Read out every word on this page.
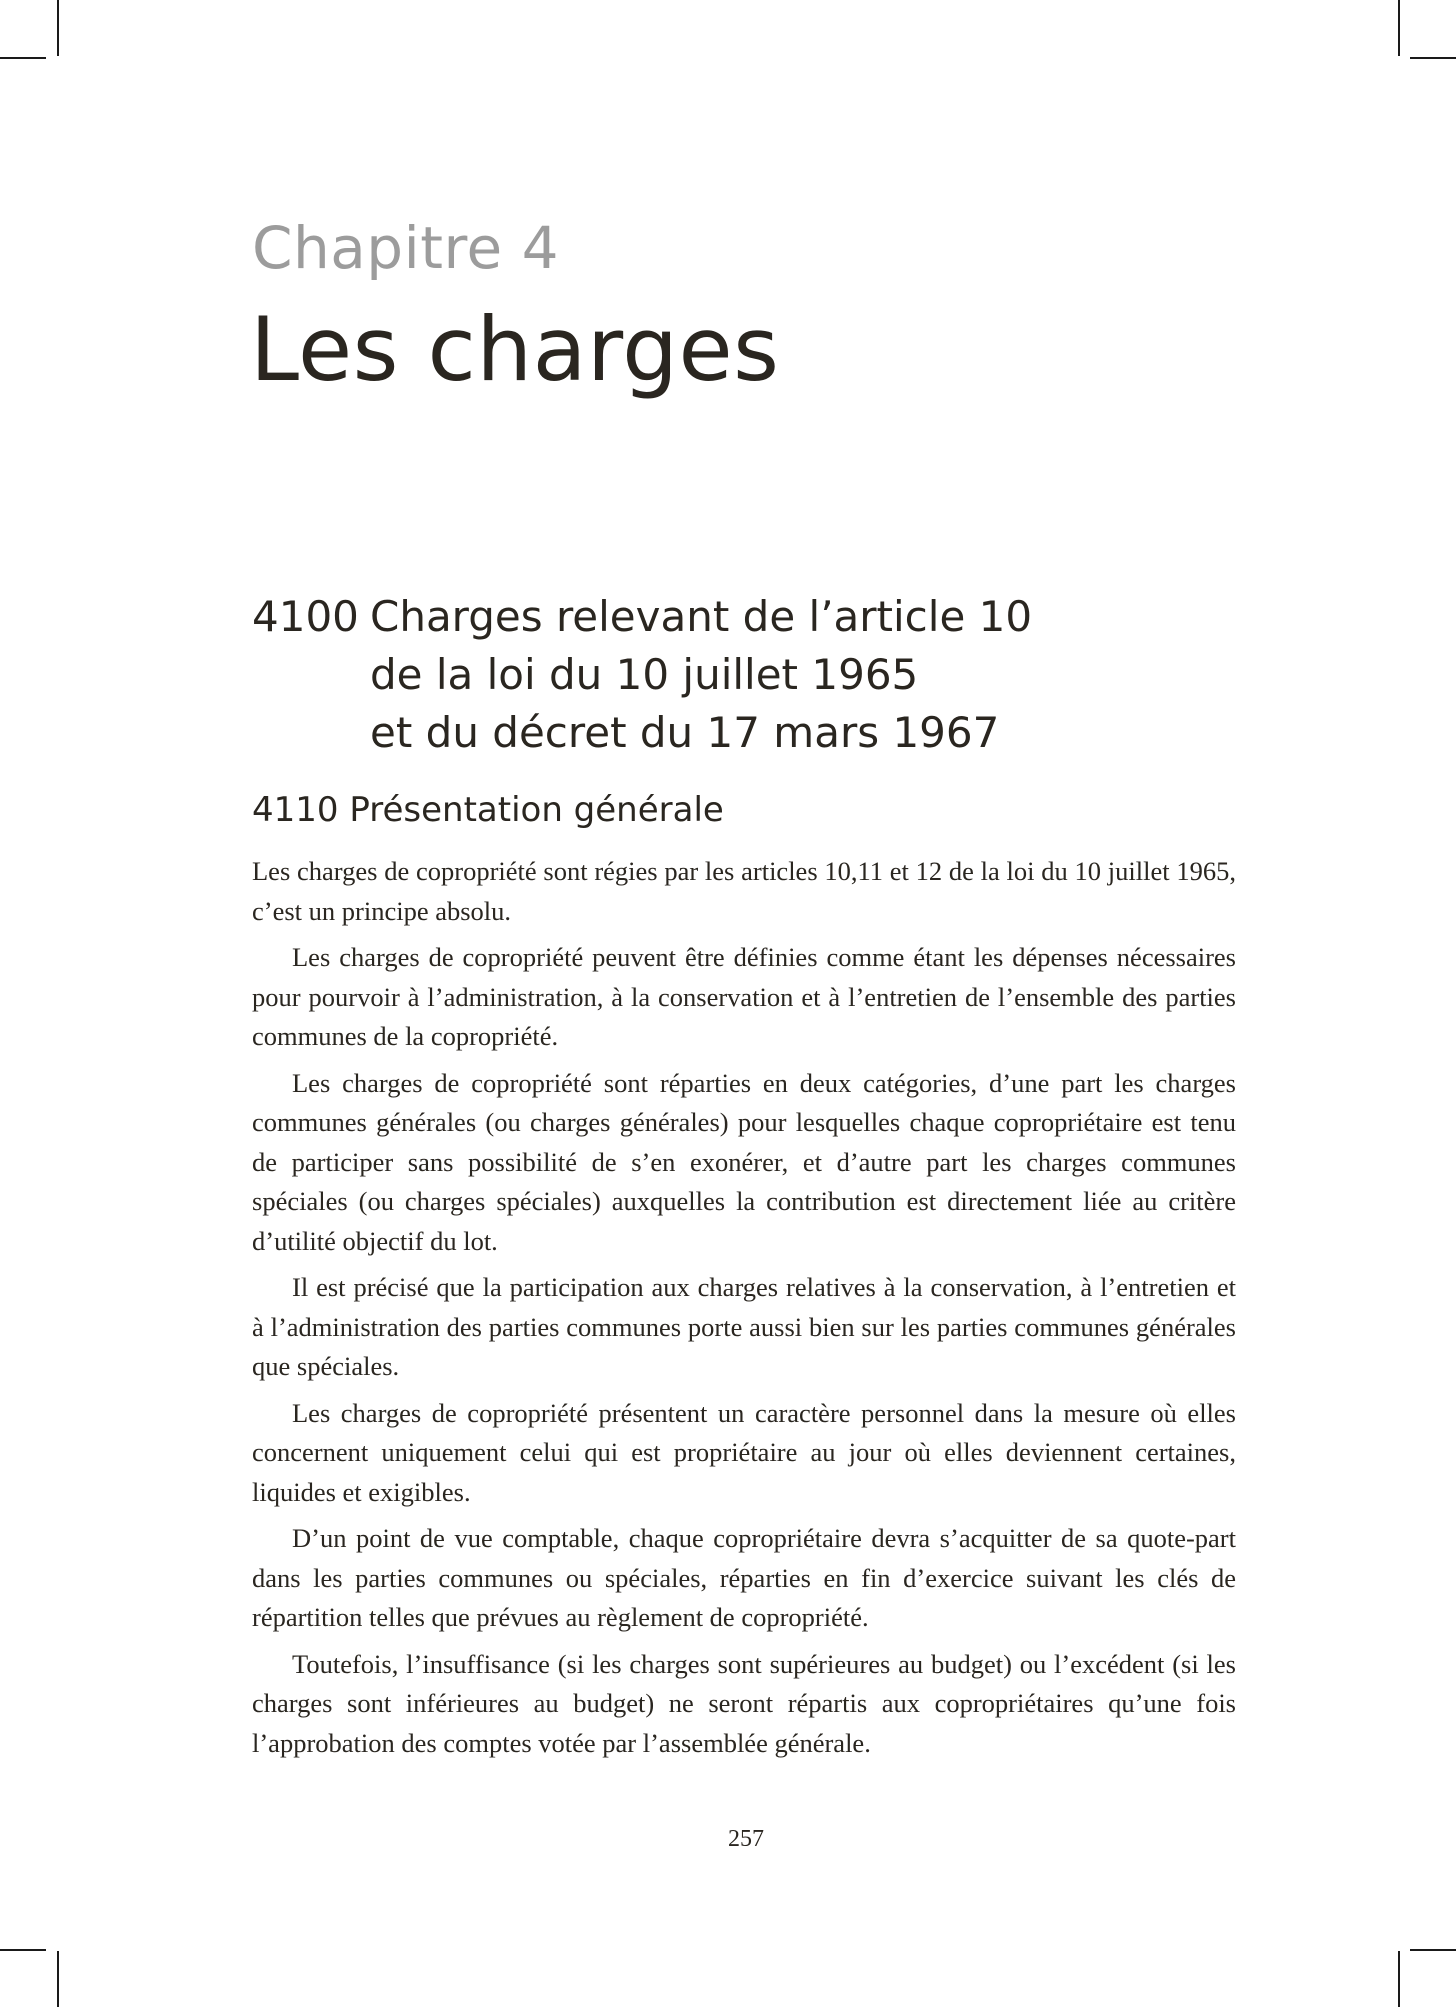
Chapitre 4
Les charges
4100 Charges relevant de l’article 10
de la loi du 10 juillet 1965
et du décret du 17 mars 1967
4110 Présentation générale

Les charges de copropriété sont régies par les articles 10,11 et 12 de la loi du 10 juillet 1965, c’est un principe absolu.

Les charges de copropriété peuvent être définies comme étant les dépenses nécessaires pour pourvoir à l’administration, à la conservation et à l’entretien de l’ensemble des parties communes de la copropriété.

Les charges de copropriété sont réparties en deux catégories, d’une part les charges communes générales (ou charges générales) pour lesquelles chaque copropriétaire est tenu de participer sans possibilité de s’en exonérer, et d’autre part les charges communes spéciales (ou charges spéciales) auxquelles la contribution est directement liée au critère d’utilité objectif du lot.

Il est précisé que la participation aux charges relatives à la conservation, à l’entretien et à l’administration des parties communes porte aussi bien sur les parties communes générales que spéciales.

Les charges de copropriété présentent un caractère personnel dans la mesure où elles concernent uniquement celui qui est propriétaire au jour où elles deviennent certaines, liquides et exigibles.

D’un point de vue comptable, chaque copropriétaire devra s’acquitter de sa quote-part dans les parties communes ou spéciales, réparties en fin d’exercice suivant les clés de répartition telles que prévues au règlement de copropriété.

Toutefois, l’insuffisance (si les charges sont supérieures au budget) ou l’excédent (si les charges sont inférieures au budget) ne seront répartis aux copropriétaires qu’une fois l’approbation des comptes votée par l’assemblée générale.

257
